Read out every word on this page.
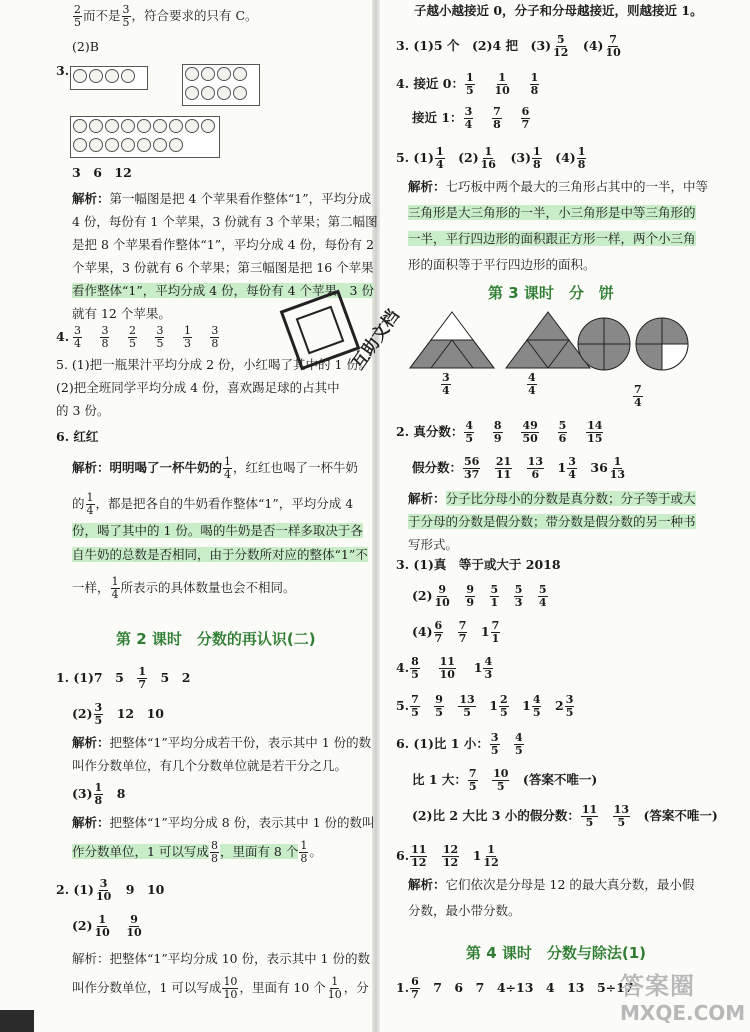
$\frac{2}{5}$ 而不是 $\frac{3}{5}$ ，符合要求的只有 C。
(2)B
3.
3　6　12
解析：第一幅图是把 4 个苹果看作整体“1”，平均分成
4 份，每份有 1 个苹果，3 份就有 3 个苹果；第二幅图
是把 8 个苹果看作整体“1”，平均分成 4 份，每份有 2
个苹果，3 份就有 6 个苹果；第三幅图是把 16 个苹果
看作整体“1”，平均分成 4 份，每份有 4 个苹果，3 份
就有 12 个苹果。
4. $\frac{3}{4}$
　 $\frac{3}{8}$
　 $\frac{2}{5}$
　 $\frac{3}{5}$
　 $\frac{1}{3}$
　 $\frac{3}{8}$

5. (1)把一瓶果汁平均分成 2 份，小红喝了其中的 1 份。
(2)把全班同学平均分成 4 份，喜欢踢足球的占其中
的 3 份。
6. 红红
解析：明明喝了一杯牛奶的 $\frac{1}{4}$ ，红红也喝了一杯牛奶
的 $\frac{1}{4}$ ，都是把各自的牛奶看作整体“1”，平均分成 4
份，喝了其中的 1 份。喝的牛奶是否一样多取决于各
自牛奶的总数是否相同，由于分数所对应的整体“1”不
一样， $\frac{1}{4}$ 所表示的具体数量也会不相同。
第 2 课时　分数的再认识(二)
1. (1)7　5　 $\frac{1}{7}$
　 5　2
$(2) \frac{3}{5}$
　 12　10
解析：把整体“1”平均分成若干份，表示其中 1 份的数
叫作分数单位，有几个分数单位就是若干分之几。
$(3) \frac{1}{8}$
　 8
解析：把整体“1”平均分成 8 份，表示其中 1 份的数叫
作分数单位，1 可以写成 $\frac{8}{8}$ ，里面有 8 个 $\frac{1}{8}$ 。
2. $(1) \frac{3}{10}$
　 9　10
$(2) \frac{1}{10}$
　 $\frac{9}{10}$
解析：把整体“1”平均分成 10 份，表示其中 1 份的数
叫作分数单位，1 可以写成 $\frac{10}{10}$ ，里面有 10 个 $\frac{1}{10}$ ，分
子越小越接近 0，分子和分母越接近，则越接近 1。
3. (1)5 个　(2)4 把　$(3) \frac{5}{12}$
　 $(4) \frac{7}{10}$
4. 接近 0： $\frac{1}{5}$
　 $\frac{1}{10}$
　 $\frac{1}{8}$

接近 1： $\frac{3}{4}$
　 $\frac{7}{8}$
　 $\frac{6}{7}$

5. $(1) \frac{1}{4}$
　 $(2) \frac{1}{16}$
　 $(3) \frac{1}{8}$
　 $(4) \frac{1}{8}$
解析：七巧板中两个最大的三角形占其中的一半，中等
三角形是大三角形的一半，小三角形是中等三角形的
一半，平行四边形的面积跟正方形一样，两个小三角
形的面积等于平行四边形的面积。
第 3 课时　分　饼
$\frac{3}{4}$	$\frac{4}{4}$	$\frac{7}{4}$
2. 真分数： $\frac{4}{5}$
　 $\frac{8}{9}$
　 $\frac{49}{50}$
　 $\frac{5}{6}$
　 $\frac{14}{15}$

假分数： $\frac{56}{37}$
　 $\frac{21}{11}$
　 $\frac{13}{6}$
　 $1 \frac{3}{4}$
　 $36 \frac{1}{13}$

解析：分子比分母小的分数是真分数；分子等于或大
于分母的分数是假分数；带分数是假分数的另一种书
写形式。
3. (1)真　等于或大于 2018
$(2) \frac{9}{10}$
　 $\frac{9}{9}$
　 $\frac{5}{1}$
　 $\frac{5}{3}$
　 $\frac{5}{4}$

$(4) \frac{6}{7}$
　 $\frac{7}{7}$
　 $1 \frac{7}{1}$

4. $\frac{8}{5}$
　 $\frac{11}{10}$
　 $1 \frac{4}{3}$

5. $\frac{7}{5}$
　 $\frac{9}{5}$
　 $\frac{13}{5}$
　 $1 \frac{2}{5}$
　 $1 \frac{4}{5}$
　 $2 \frac{3}{5}$

6. (1)比 1 小： $\frac{3}{5}$
　 $\frac{4}{5}$

比 1 大： $\frac{7}{5}$
　 $\frac{10}{5}$
　 (答案不唯一)
(2)比 2 大比 3 小的假分数： $\frac{11}{5}$
　 $\frac{13}{5}$
　 (答案不唯一)
6. $\frac{11}{12}$
　 $\frac{12}{12}$
　 $1 \frac{1}{12}$

解析：它们依次是分母是 12 的最大真分数，最小假
分数，最小带分数。
第 4 课时　分数与除法(1)
1. $\frac{6}{7}$
　 7　6　7　4÷13　4　13　5÷17
互助文档
答案圈
MXQE.COM
